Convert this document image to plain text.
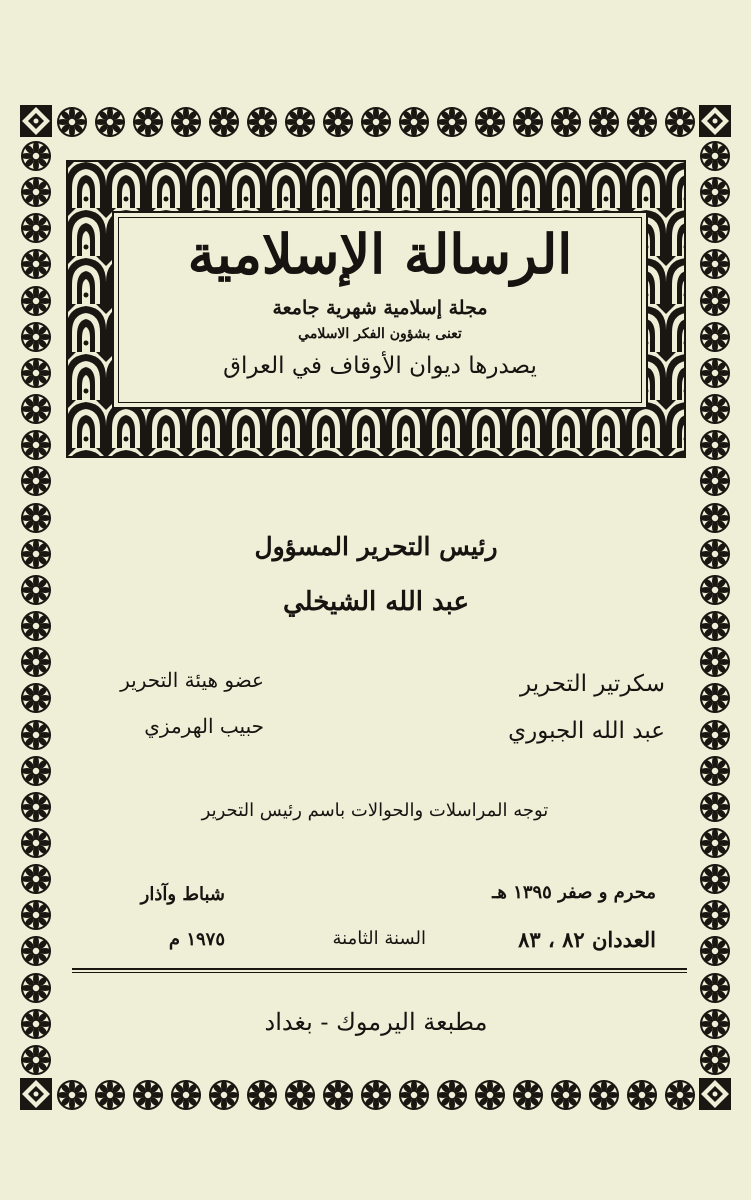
الرسالة الإسلامية
مجلة إسلامية شهرية جامعة
تعنى بشؤون الفكر الاسلامي
يصدرها ديوان الأوقاف في العراق
رئيس التحرير المسؤول
عبد الله الشيخلي
سكرتير التحرير
عبد الله الجبوري
عضو هيئة التحرير
حبيب الهرمزي
توجه المراسلات والحوالات باسم رئيس التحرير
محرم و صفر ١٣٩٥ هـ
العددان ٨٢ ، ٨٣
السنة الثامنة
شباط وآذار
١٩٧٥ م
مطبعة اليرموك - بغداد
